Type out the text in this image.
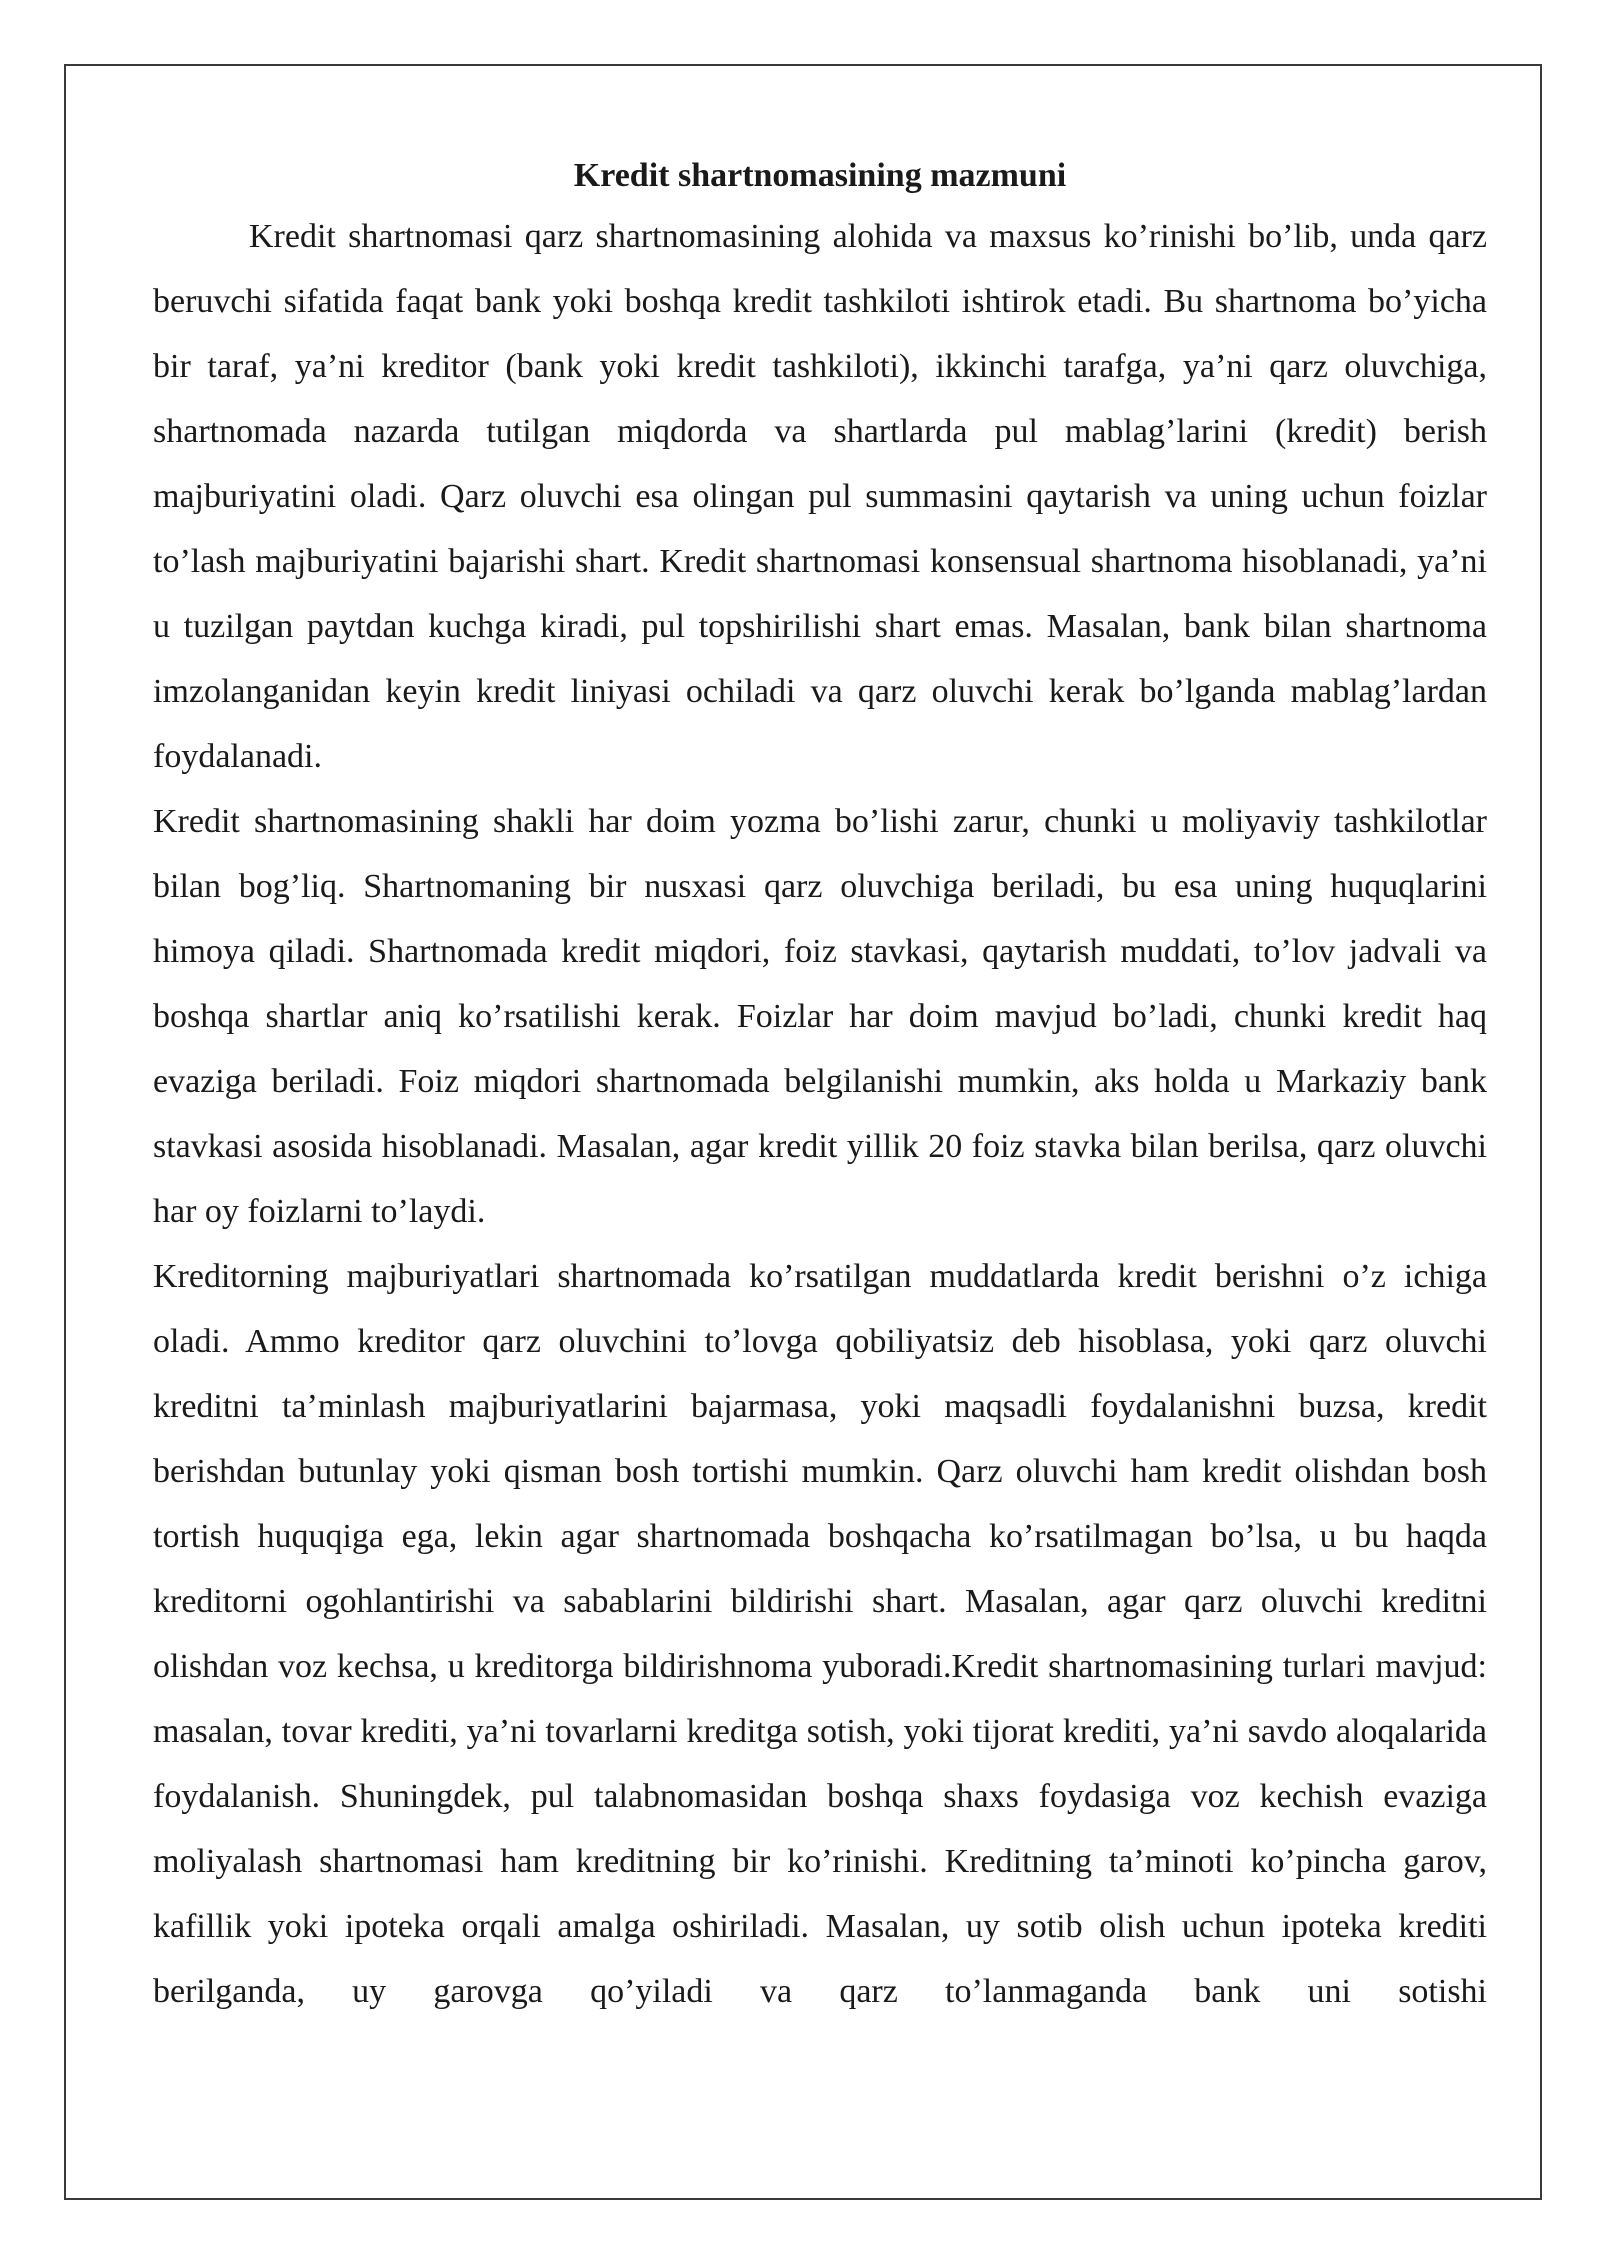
Kredit shartnomasining mazmuni

Kredit shartnomasi qarz shartnomasining alohida va maxsus ko’rinishi bo’lib, unda qarz beruvchi sifatida faqat bank yoki boshqa kredit tashkiloti ishtirok etadi. Bu shartnoma bo’yicha bir taraf, ya’ni kreditor (bank yoki kredit tashkiloti), ikkinchi tarafga, ya’ni qarz oluvchiga, shartnomada nazarda tutilgan miqdorda va shartlarda pul mablag’larini (kredit) berish majburiyatini oladi. Qarz oluvchi esa olingan pul summasini qaytarish va uning uchun foizlar to’lash majburiyatini bajarishi shart. Kredit shartnomasi konsensual shartnoma hisoblanadi, ya’ni u tuzilgan paytdan kuchga kiradi, pul topshirilishi shart emas. Masalan, bank bilan shartnoma imzolanganidan keyin kredit liniyasi ochiladi va qarz oluvchi kerak bo’lganda mablag’lardan foydalanadi.

Kredit shartnomasining shakli har doim yozma bo’lishi zarur, chunki u moliyaviy tashkilotlar bilan bog’liq. Shartnomaning bir nusxasi qarz oluvchiga beriladi, bu esa uning huquqlarini himoya qiladi. Shartnomada kredit miqdori, foiz stavkasi, qaytarish muddati, to’lov jadvali va boshqa shartlar aniq ko’rsatilishi kerak. Foizlar har doim mavjud bo’ladi, chunki kredit haq evaziga beriladi. Foiz miqdori shartnomada belgilanishi mumkin, aks holda u Markaziy bank stavkasi asosida hisoblanadi. Masalan, agar kredit yillik 20 foiz stavka bilan berilsa, qarz oluvchi har oy foizlarni to’laydi.

Kreditorning majburiyatlari shartnomada ko’rsatilgan muddatlarda kredit berishni o’z ichiga oladi. Ammo kreditor qarz oluvchini to’lovga qobiliyatsiz deb hisoblasa, yoki qarz oluvchi kreditni ta’minlash majburiyatlarini bajarmasa, yoki maqsadli foydalanishni buzsa, kredit berishdan butunlay yoki qisman bosh tortishi mumkin. Qarz oluvchi ham kredit olishdan bosh tortish huquqiga ega, lekin agar shartnomada boshqacha ko’rsatilmagan bo’lsa, u bu haqda kreditorni ogohlantirishi va sabablarini bildirishi shart. Masalan, agar qarz oluvchi kreditni olishdan voz kechsa, u kreditorga bildirishnoma yuboradi.Kredit shartnomasining turlari mavjud: masalan, tovar krediti, ya’ni tovarlarni kreditga sotish, yoki tijorat krediti, ya’ni savdo aloqalarida foydalanish. Shuningdek, pul talabnomasidan boshqa shaxs foydasiga voz kechish evaziga moliyalash shartnomasi ham kreditning bir ko’rinishi. Kreditning ta’minoti ko’pincha garov, kafillik yoki ipoteka orqali amalga oshiriladi. Masalan, uy sotib olish uchun ipoteka krediti berilganda, uy garovga qo’yiladi va qarz to’lanmaganda bank uni sotishi
